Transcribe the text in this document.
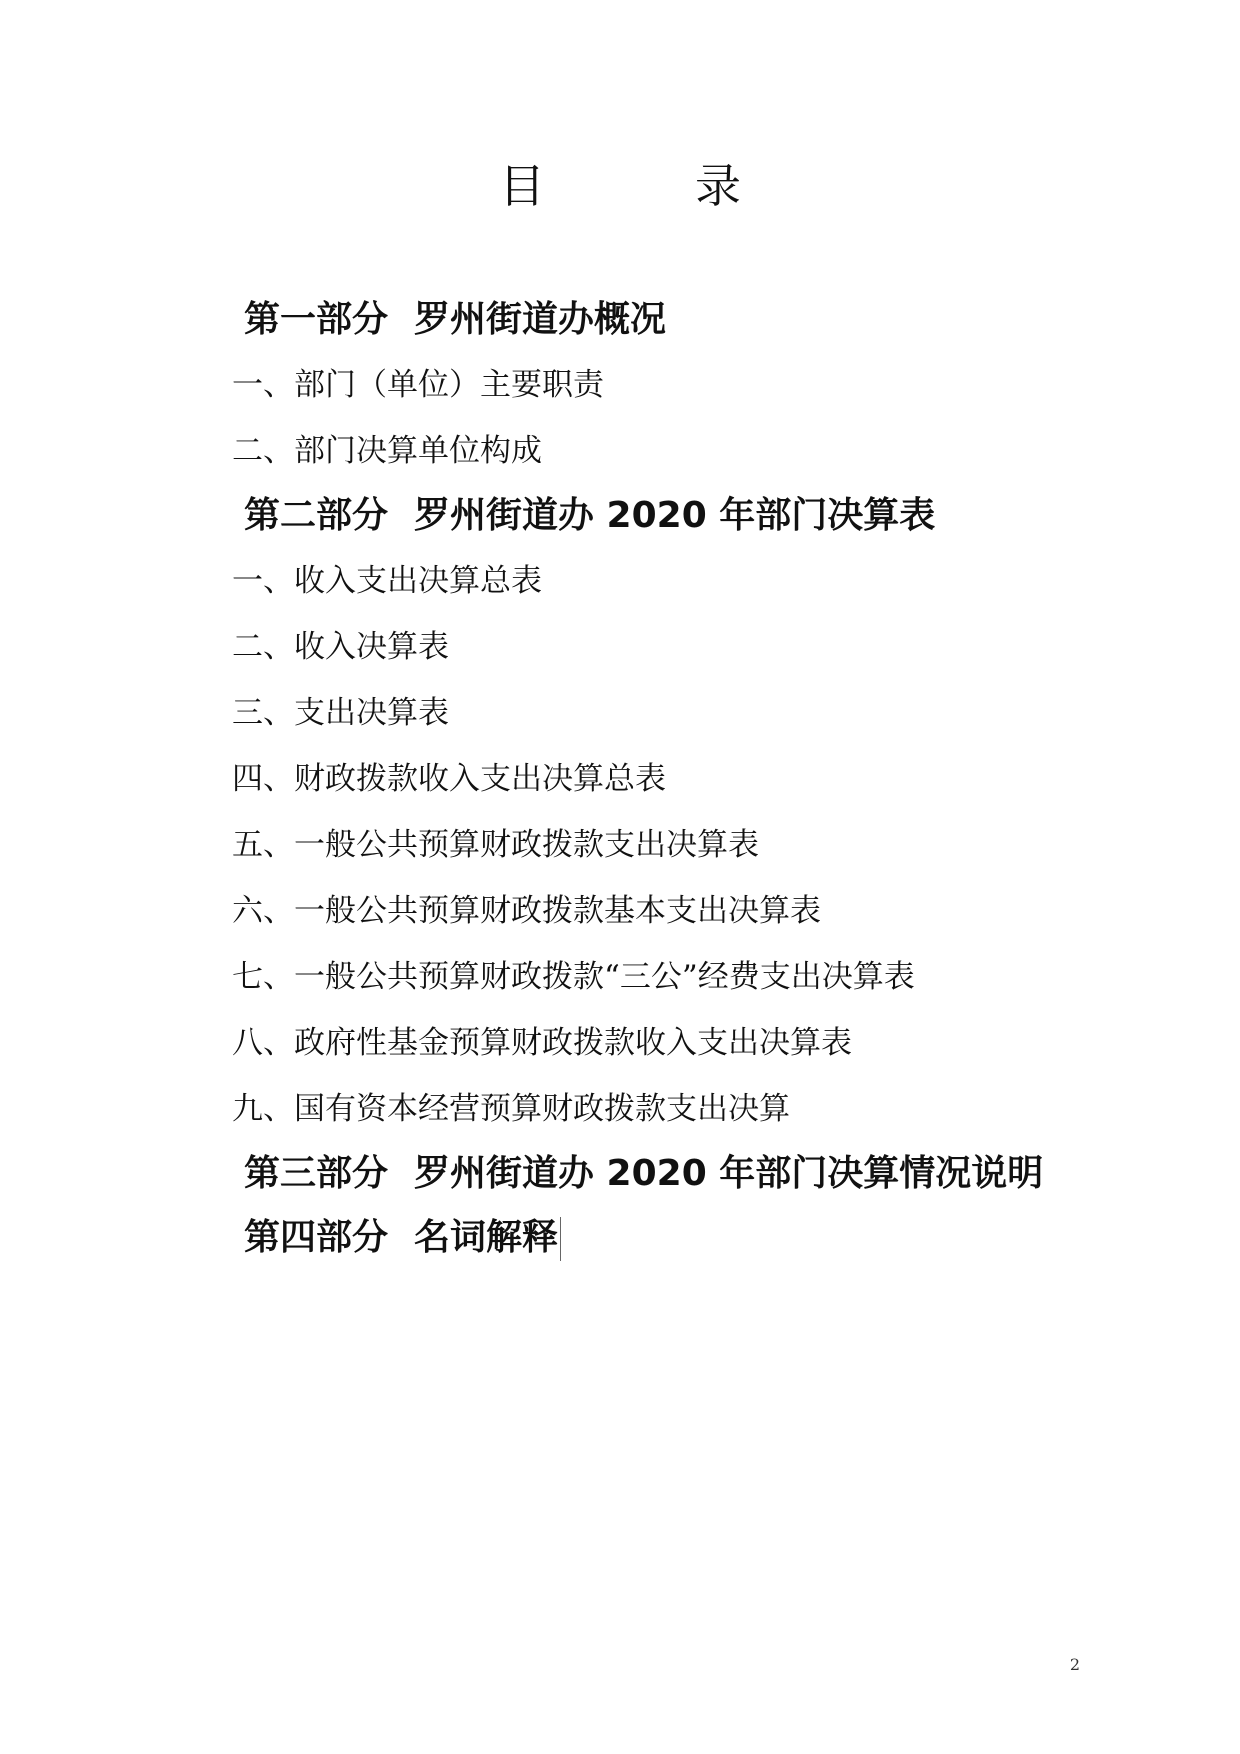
目	录
第一部分 罗州街道办概况
一、部门（单位）主要职责
二、部门决算单位构成
第二部分 罗州街道办 2020 年部门决算表
一、收入支出决算总表
二、收入决算表
三、支出决算表
四、财政拨款收入支出决算总表
五、一般公共预算财政拨款支出决算表
六、一般公共预算财政拨款基本支出决算表
七、一般公共预算财政拨款“三公”经费支出决算表
八、政府性基金预算财政拨款收入支出决算表
九、国有资本经营预算财政拨款支出决算
第三部分 罗州街道办 2020 年部门决算情况说明
第四部分 名词解释
2
